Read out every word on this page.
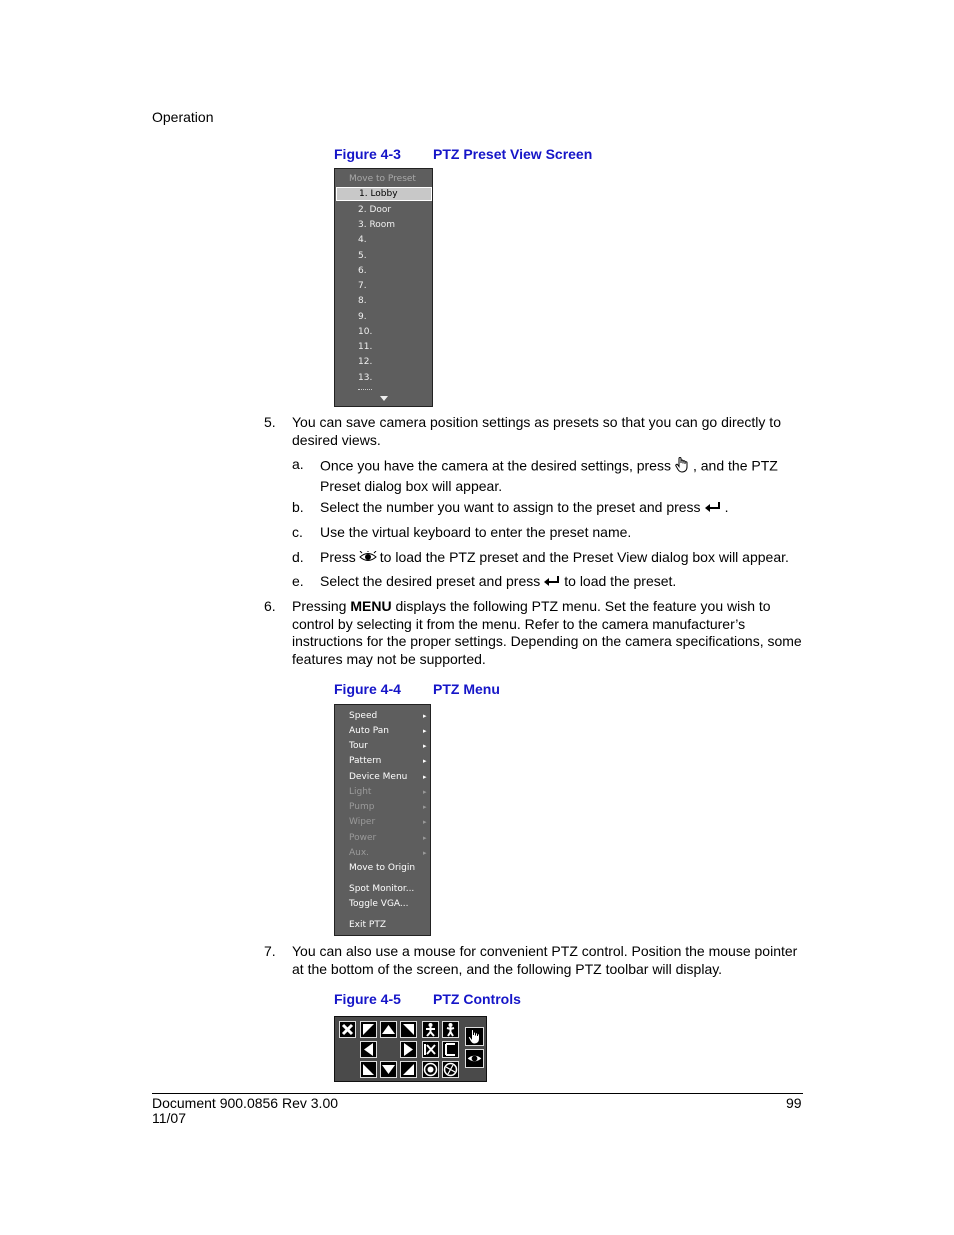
Operation
Figure 4-3 PTZ Preset View Screen
Move to Preset
1. Lobby
2. Door
3. Room
4.
5.
6.
7.
8.
9.
10.
11.
12.
13.
5. You can save camera position settings as presets so that you can go directly to desired views.
a. Once you have the camera at the desired settings, press , and the PTZ Preset dialog box will appear.
b. Select the number you want to assign to the preset and press .
c. Use the virtual keyboard to enter the preset name.
d. Press to load the PTZ preset and the Preset View dialog box will appear.
e. Select the desired preset and press to load the preset.
6. Pressing MENU displays the following PTZ menu. Set the feature you wish to control by selecting it from the menu. Refer to the camera manufacturer’s instructions for the proper settings. Depending on the camera specifications, some features may not be supported.
Figure 4-4 PTZ Menu
Speed	▸
Auto Pan	▸
Tour	▸
Pattern	▸
Device Menu ▸
Light	▸
Pump	▸
Wiper	▸
Power	▸
Aux.	▸
Move to Origin
Spot Monitor...
Toggle VGA...
Exit PTZ
7. You can also use a mouse for convenient PTZ control. Position the mouse pointer at the bottom of the screen, and the following PTZ toolbar will display.
Figure 4-5 PTZ Controls
Document 900.0856 Rev 3.00
11/07
99
